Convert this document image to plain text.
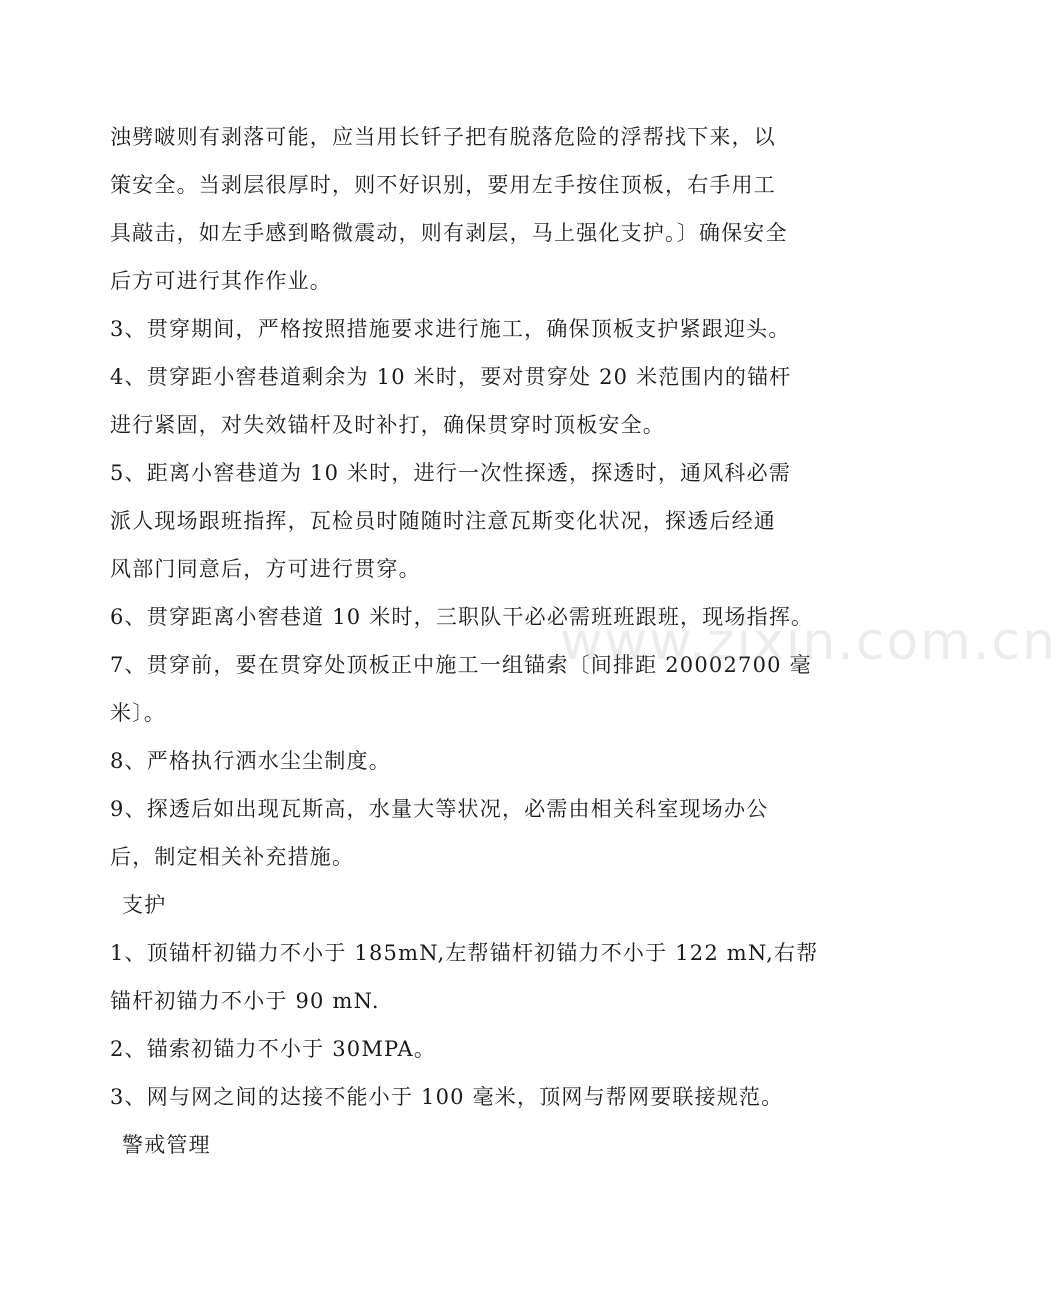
浊劈啵则有剥落可能，应当用长钎子把有脱落危险的浮帮找下来，以
策安全。当剥层很厚时，则不好识别，要用左手按住顶板，右手用工
具敲击，如左手感到略微震动，则有剥层，马上强化支护。〕确保安全
后方可进行其作作业。
3、贯穿期间，严格按照措施要求进行施工，确保顶板支护紧跟迎头。
4、贯穿距小窖巷道剩余为 10 米时，要对贯穿处 20 米范围内的锚杆
进行紧固，对失效锚杆及时补打，确保贯穿时顶板安全。
5、距离小窖巷道为 10 米时，进行一次性探透，探透时，通风科必需
派人现场跟班指挥，瓦检员时随随时注意瓦斯变化状况，探透后经通
风部门同意后，方可进行贯穿。
6、贯穿距离小窖巷道 10 米时，三职队干必必需班班跟班，现场指挥。
7、贯穿前，要在贯穿处顶板正中施工一组锚索〔间排距 20002700 毫
米〕。
8、严格执行洒水尘尘制度。
9、探透后如出现瓦斯高，水量大等状况，必需由相关科室现场办公
后，制定相关补充措施。
支护
1、顶锚杆初锚力不小于 185mN,左帮锚杆初锚力不小于 122 mN,右帮
锚杆初锚力不小于 90 mN.
2、锚索初锚力不小于 30MPA。
3、网与网之间的达接不能小于 100 毫米，顶网与帮网要联接规范。
警戒管理
www.zixin.com.cn
